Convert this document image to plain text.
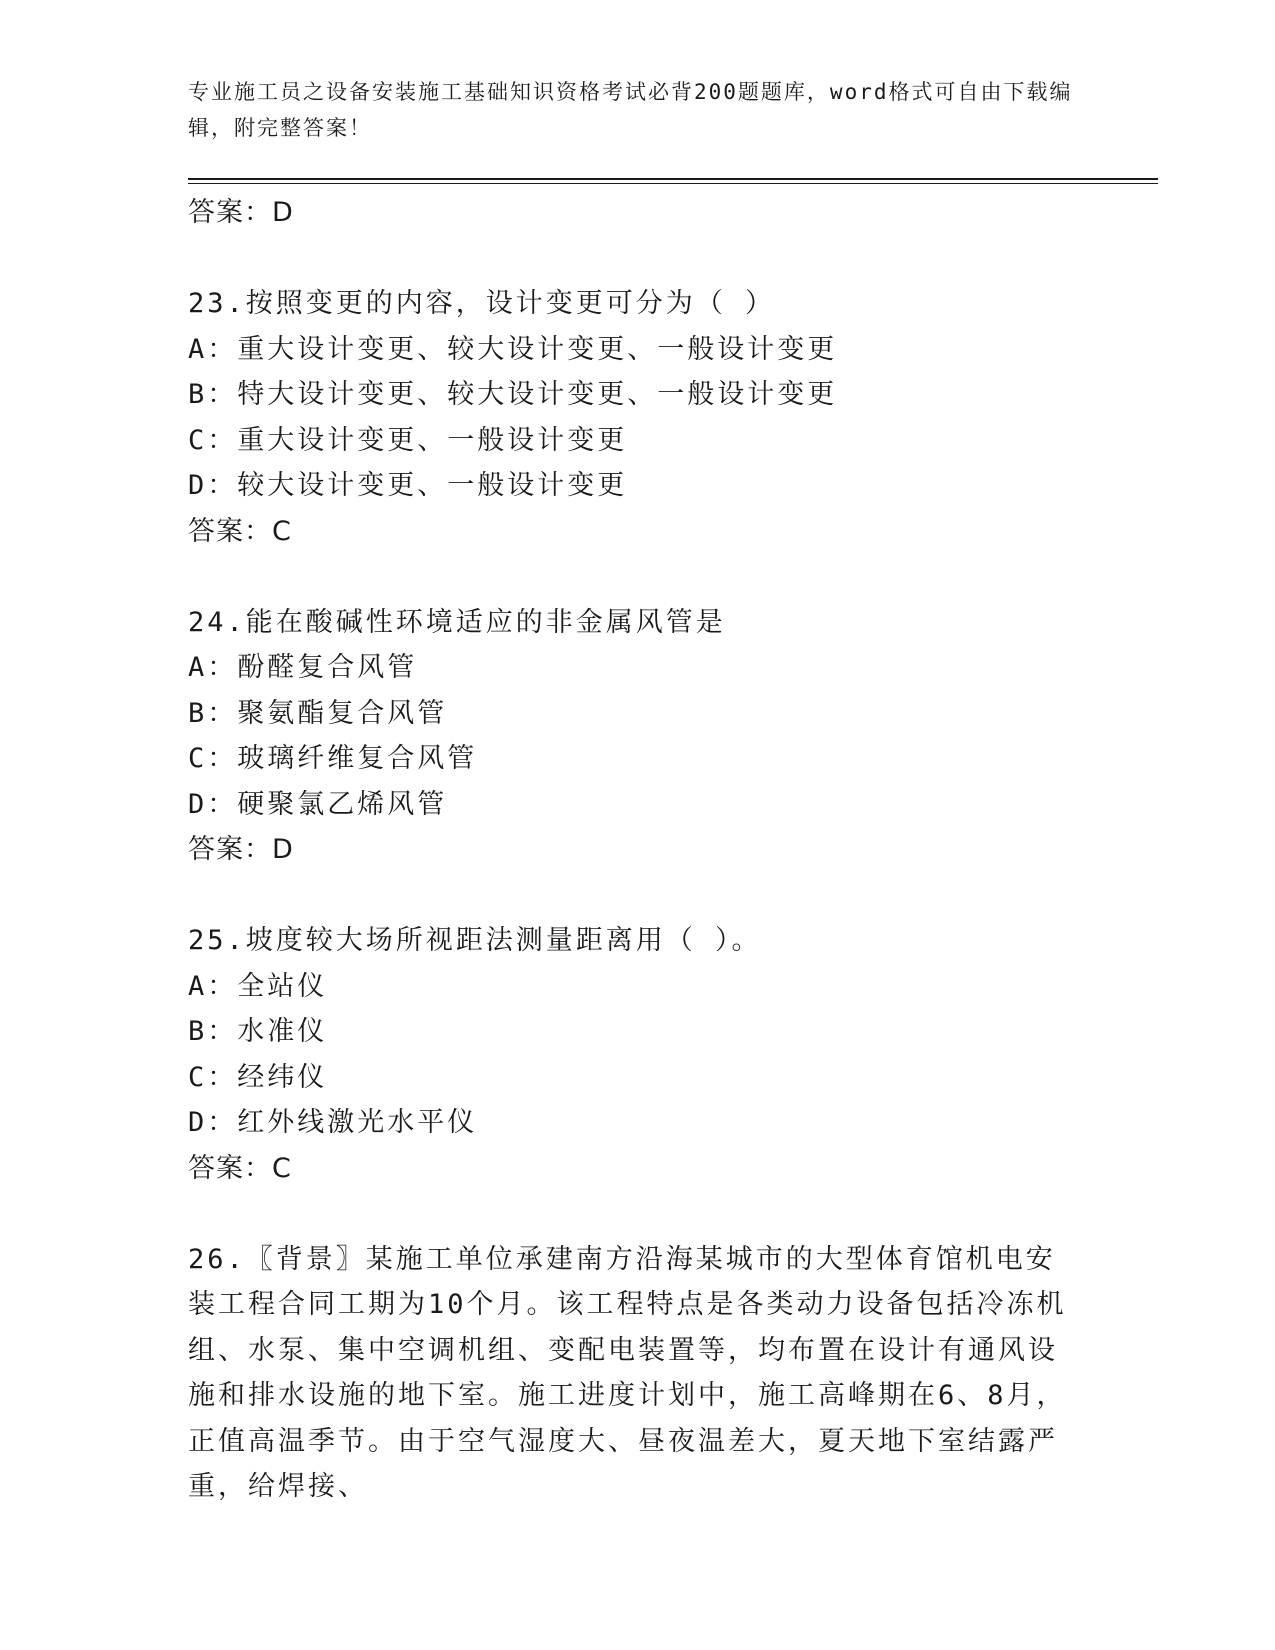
专业施工员之设备安装施工基础知识资格考试必背200题题库，word格式可自由下载编辑，附完整答案！
答案：D
23.按照变更的内容，设计变更可分为（ ）
A：重大设计变更、较大设计变更、一般设计变更
B：特大设计变更、较大设计变更、一般设计变更
C：重大设计变更、一般设计变更
D：较大设计变更、一般设计变更
答案：C
24.能在酸碱性环境适应的非金属风管是
A：酚醛复合风管
B：聚氨酯复合风管
C：玻璃纤维复合风管
D：硬聚氯乙烯风管
答案：D
25.坡度较大场所视距法测量距离用（ ）。
A：全站仪
B：水准仪
C：经纬仪
D：红外线激光水平仪
答案：C
26.〖背景〗某施工单位承建南方沿海某城市的大型体育馆机电安装工程合同工期为10个月。该工程特点是各类动力设备包括冷冻机组、水泵、集中空调机组、变配电装置等，均布置在设计有通风设施和排水设施的地下室。施工进度计划中，施工高峰期在6、8月，正值高温季节。由于空气湿度大、昼夜温差大，夏天地下室结露严重，给焊接、
